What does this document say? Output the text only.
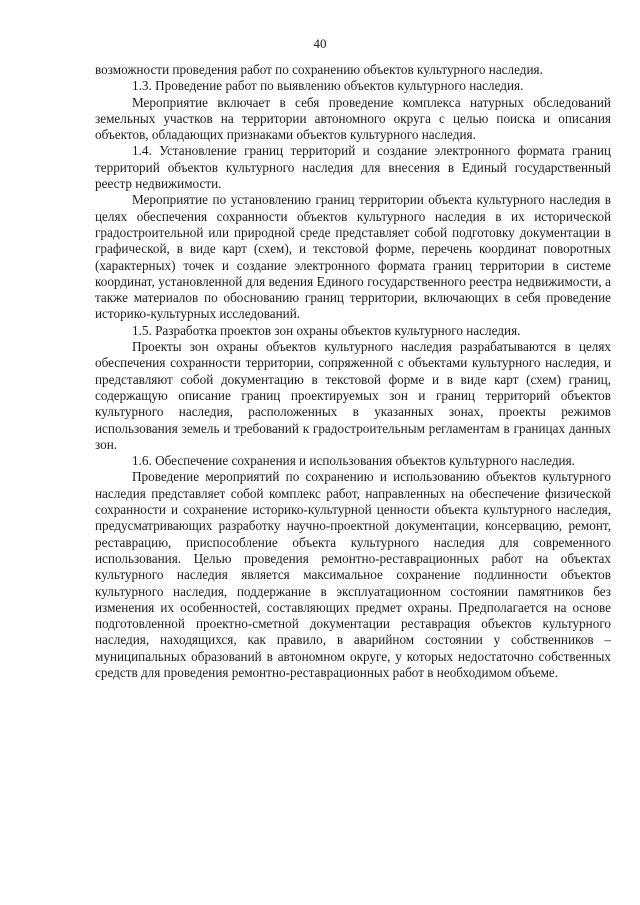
40

возможности проведения работ по сохранению объектов культурного наследия.

1.3. Проведение работ по выявлению объектов культурного наследия.

Мероприятие включает в себя проведение комплекса натурных обследований земельных участков на территории автономного округа с целью поиска и описания объектов, обладающих признаками объектов культурного наследия.

1.4. Установление границ территорий и создание электронного формата границ территорий объектов культурного наследия для внесения в Единый государственный реестр недвижимости.

Мероприятие по установлению границ территории объекта культурного наследия в целях обеспечения сохранности объектов культурного наследия в их исторической градостроительной или природной среде представляет собой подготовку документации в графической, в виде карт (схем), и текстовой форме, перечень координат поворотных (характерных) точек и создание электронного формата границ территории в системе координат, установленной для ведения Единого государственного реестра недвижимости, а также материалов по обоснованию границ территории, включающих в себя проведение историко-культурных исследований.

1.5. Разработка проектов зон охраны объектов культурного наследия.

Проекты зон охраны объектов культурного наследия разрабатываются в целях обеспечения сохранности территории, сопряженной с объектами культурного наследия, и представляют собой документацию в текстовой форме и в виде карт (схем) границ, содержащую описание границ проектируемых зон и границ территорий объектов культурного наследия, расположенных в указанных зонах, проекты режимов использования земель и требований к градостроительным регламентам в границах данных зон.

1.6. Обеспечение сохранения и использования объектов культурного наследия.

Проведение мероприятий по сохранению и использованию объектов культурного наследия представляет собой комплекс работ, направленных на обеспечение физической сохранности и сохранение историко-культурной ценности объекта культурного наследия, предусматривающих разработку научно-проектной документации, консервацию, ремонт, реставрацию, приспособление объекта культурного наследия для современного использования. Целью проведения ремонтно-реставрационных работ на объектах культурного наследия является максимальное сохранение подлинности объектов культурного наследия, поддержание в эксплуатационном состоянии памятников без изменения их особенностей, составляющих предмет охраны. Предполагается на основе подготовленной проектно-сметной документации реставрация объектов культурного наследия, находящихся, как правило, в аварийном состоянии у собственников – муниципальных образований в автономном округе, у которых недостаточно собственных средств для проведения ремонтно-реставрационных работ в необходимом объеме.
